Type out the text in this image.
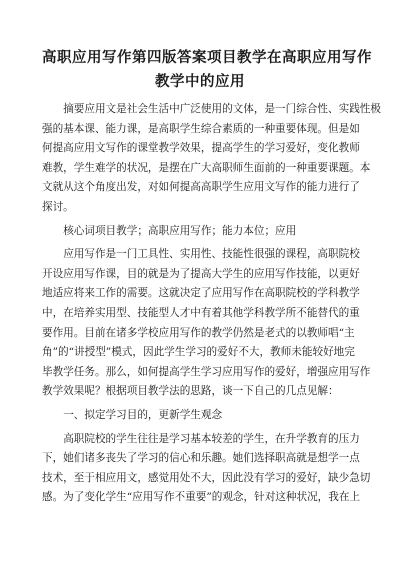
高职应用写作第四版答案项目教学在高职应用写作
教学中的应用

摘要应用文是社会生活中广泛使用的文体，是一门综合性、实践性极
强的基本课、能力课，是高职学生综合素质的一种重要体现。但是如
何提高应用文写作的课堂教学效果，提高学生的学习爱好，变化教师
难教，学生难学的状况，是摆在广大高职师生面前的一种重要课题。本
文就从这个角度出发，对如何提高高职学生应用文写作的能力进行了
探讨。

核心词项目教学；高职应用写作；能力本位；应用

应用写作是一门工具性、实用性、技能性很强的课程，高职院校
开设应用写作课，目的就是为了提高大学生的应用写作技能，以更好
地适应将来工作的需要。这就决定了应用写作在高职院校的学科教学
中，在培养实用型、技能型人才中有着其他学科教学所不能替代的重
要作用。目前在诸多学校应用写作的教学仍然是老式的以教师唱“主
角”的“讲授型”模式，因此学生学习的爱好不大，教师未能较好地完
毕教学任务。那么，如何提高学生学习应用写作的爱好，增强应用写作
教学效果呢？根据项目教学法的思路，谈一下自己的几点见解：

一、拟定学习目的，更新学生观念

高职院校的学生往往是学习基本较差的学生，在升学教育的压力
下，她们诸多丧失了学习的信心和乐趣。她们选择职高就是想学一点
技术，至于相应用文，感觉用处不大，因此没有学习的爱好，缺少急切
感。为了变化学生“应用写作不重要”的观念，针对这种状况，我在上
